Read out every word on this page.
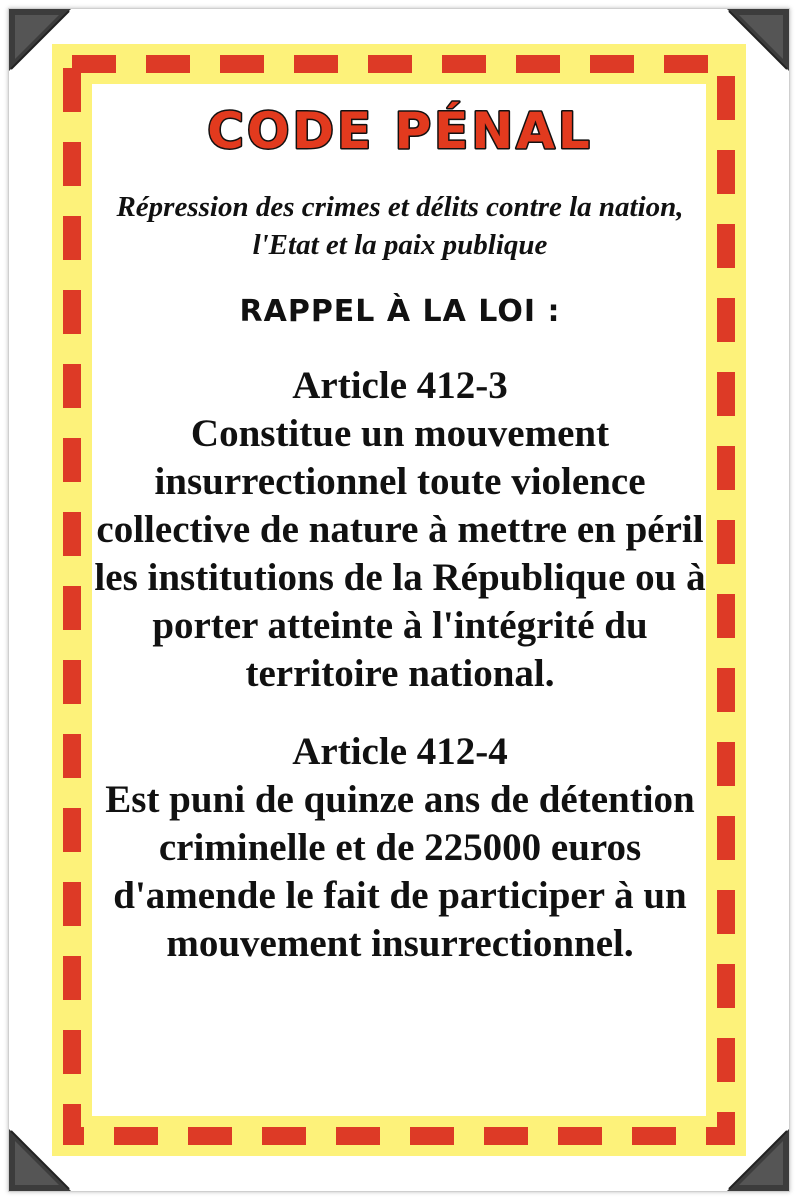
CODE PÉNAL
Répression des crimes et délits contre la nation, l'Etat et la paix publique
RAPPEL À LA LOI :
Article 412-3
Constitue un mouvement insurrectionnel toute violence collective de nature à mettre en péril les institutions de la République ou à porter atteinte à l'intégrité du territoire national.
Article 412-4
Est puni de quinze ans de détention criminelle et de 225000 euros d'amende le fait de participer à un mouvement insurrectionnel.
